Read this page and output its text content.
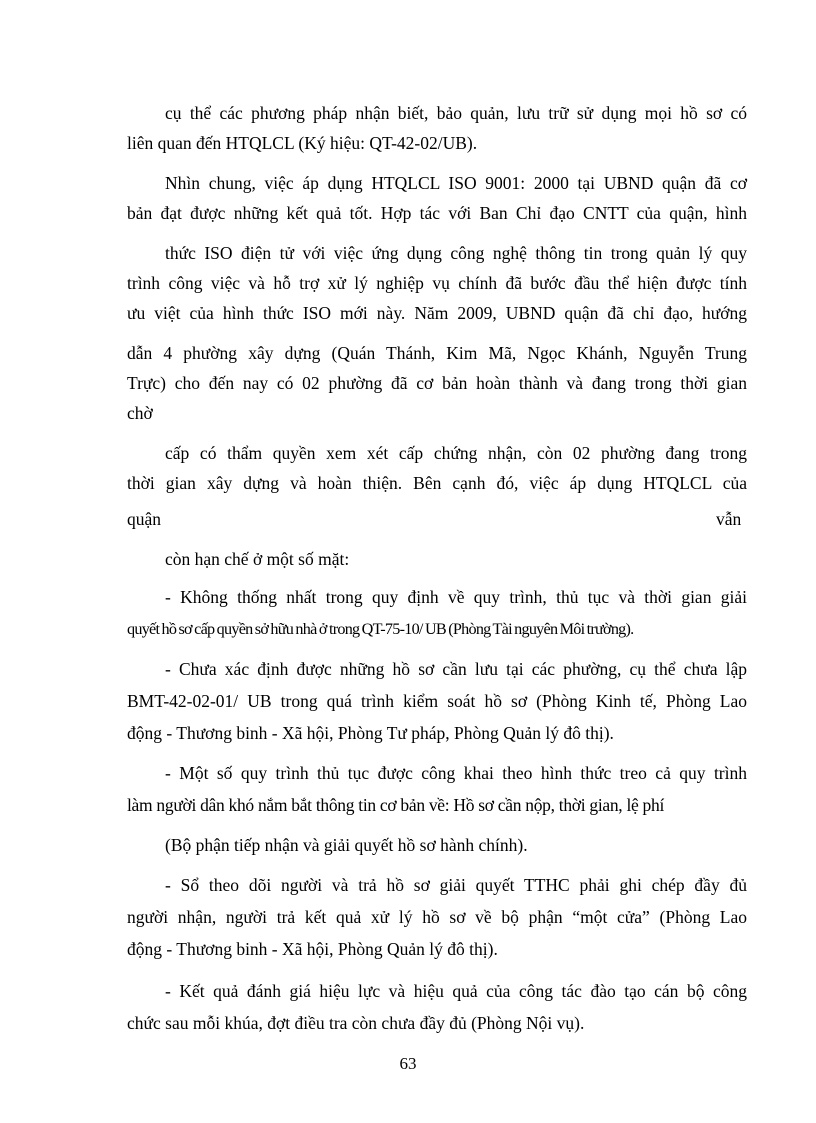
cụ thể các phương pháp nhận biết, bảo quản, lưu trữ sử dụng mọi hồ sơ có
liên quan đến HTQLCL (Ký hiệu: QT-42-02/UB).
Nhìn chung, việc áp dụng HTQLCL ISO 9001: 2000 tại UBND quận đã cơ
bản đạt được những kết quả tốt. Hợp tác với Ban Chỉ đạo CNTT của quận, hình
thức ISO điện tử với việc ứng dụng công nghệ thông tin trong quản lý quy
trình công việc và hỗ trợ xử lý nghiệp vụ chính đã bước đầu thể hiện được tính
ưu việt của hình thức ISO mới này. Năm 2009, UBND quận đã chỉ đạo, hướng
dẫn 4 phường xây dựng (Quán Thánh, Kim Mã, Ngọc Khánh, Nguyễn Trung
Trực) cho đến nay có 02 phường đã cơ bản hoàn thành và đang trong thời gian
chờ
cấp có thẩm quyền xem xét cấp chứng nhận, còn 02 phường đang trong
thời gian xây dựng và hoàn thiện. Bên cạnh đó, việc áp dụng HTQLCL của
quận	vẫn
còn hạn chế ở một số mặt:
- Không thống nhất trong quy định về quy trình, thủ tục và thời gian giải
quyết hồ sơ cấp quyền sở hữu nhà ở trong QT-75-10/ UB (Phòng Tài nguyên Môi trường).
- Chưa xác định được những hồ sơ cần lưu tại các phường, cụ thể chưa lập
BMT-42-02-01/ UB trong quá trình kiểm soát hồ sơ (Phòng Kinh tế, Phòng Lao
động - Thương binh - Xã hội, Phòng Tư pháp, Phòng Quản lý đô thị).
- Một số quy trình thủ tục được công khai theo hình thức treo cả quy trình
làm người dân khó nắm bắt thông tin cơ bản về: Hồ sơ cần nộp, thời gian, lệ phí
(Bộ phận tiếp nhận và giải quyết hồ sơ hành chính).
- Sổ theo dõi người và trả hồ sơ giải quyết TTHC phải ghi chép đầy đủ
người nhận, người trả kết quả xử lý hồ sơ về bộ phận “một cửa” (Phòng Lao
động - Thương binh - Xã hội, Phòng Quản lý đô thị).
- Kết quả đánh giá hiệu lực và hiệu quả của công tác đào tạo cán bộ công
chức sau mỗi khúa, đợt điều tra còn chưa đầy đủ (Phòng Nội vụ).
63
